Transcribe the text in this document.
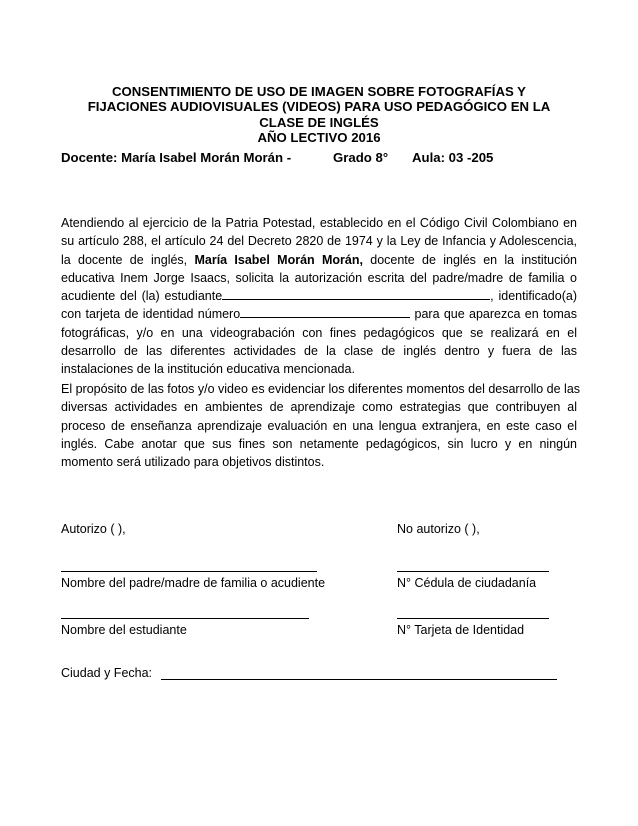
CONSENTIMIENTO DE USO DE IMAGEN SOBRE FOTOGRAFÍAS Y
FIJACIONES AUDIOVISUALES (VIDEOS) PARA USO PEDAGÓGICO EN LA
CLASE DE INGLÉS
AÑO LECTIVO 2016
Docente: María Isabel Morán Morán -	Grado 8° Aula: 03 -205
Atendiendo al ejercicio de la Patria Potestad, establecido en el Código Civil Colombiano en
su artículo 288, el artículo 24 del Decreto 2820 de 1974 y la Ley de Infancia y Adolescencia,
la docente de inglés, María Isabel Morán Morán, docente de inglés en la institución
educativa Inem Jorge Isaacs, solicita la autorización escrita del padre/madre de familia o
acudiente del (la) estudiante	, identificado(a)
con tarjeta de identidad número	para que aparezca en tomas
fotográficas, y/o en una videograbación con fines pedagógicos que se realizará en el
desarrollo de las diferentes actividades de la clase de inglés dentro y fuera de las
instalaciones de la institución educativa mencionada.
El propósito de las fotos y/o video es evidenciar los diferentes momentos del desarrollo de las
diversas actividades en ambientes de aprendizaje como estrategias que contribuyen al
proceso de enseñanza aprendizaje evaluación en una lengua extranjera, en este caso el
inglés. Cabe anotar que sus fines son netamente pedagógicos, sin lucro y en ningún
momento será utilizado para objetivos distintos.
Autorizo ( ),	No autorizo ( ),
Nombre del padre/madre de familia o acudiente	N° Cédula de ciudadanía
Nombre del estudiante	N° Tarjeta de Identidad
Ciudad y Fecha:
